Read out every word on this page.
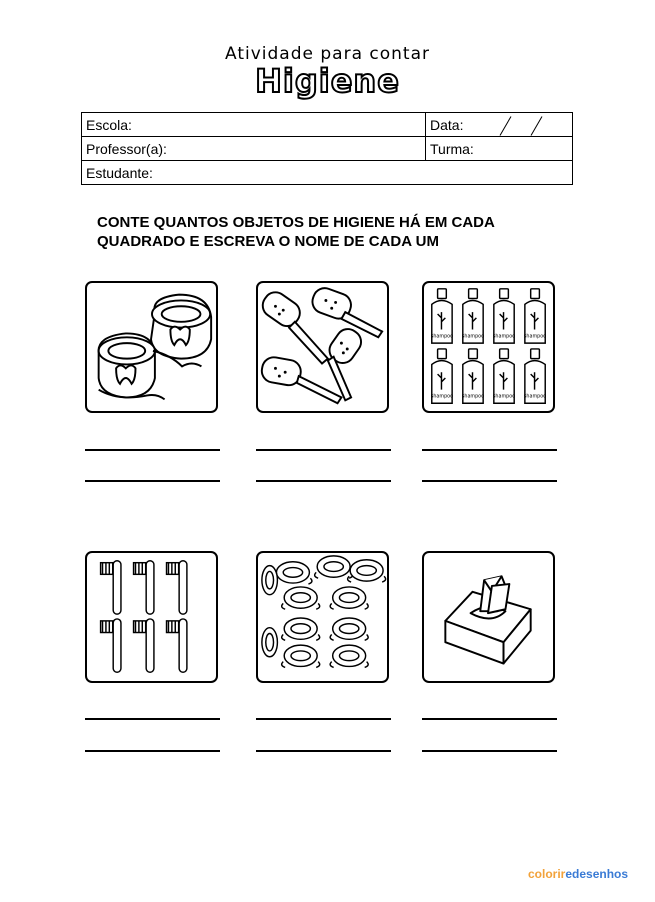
Atividade para contar
Higiene
Escola:	Data:

Professor(a):	Turma:
Estudante:	
CONTE QUANTOS OBJETOS DE HIGIENE HÁ EM CADA
QUADRADO E ESCREVA O NOME DE CADA UM
shampoo shampoo shampoo shampoo
shampoo shampoo shampoo shampoo
coloriredesenhos
